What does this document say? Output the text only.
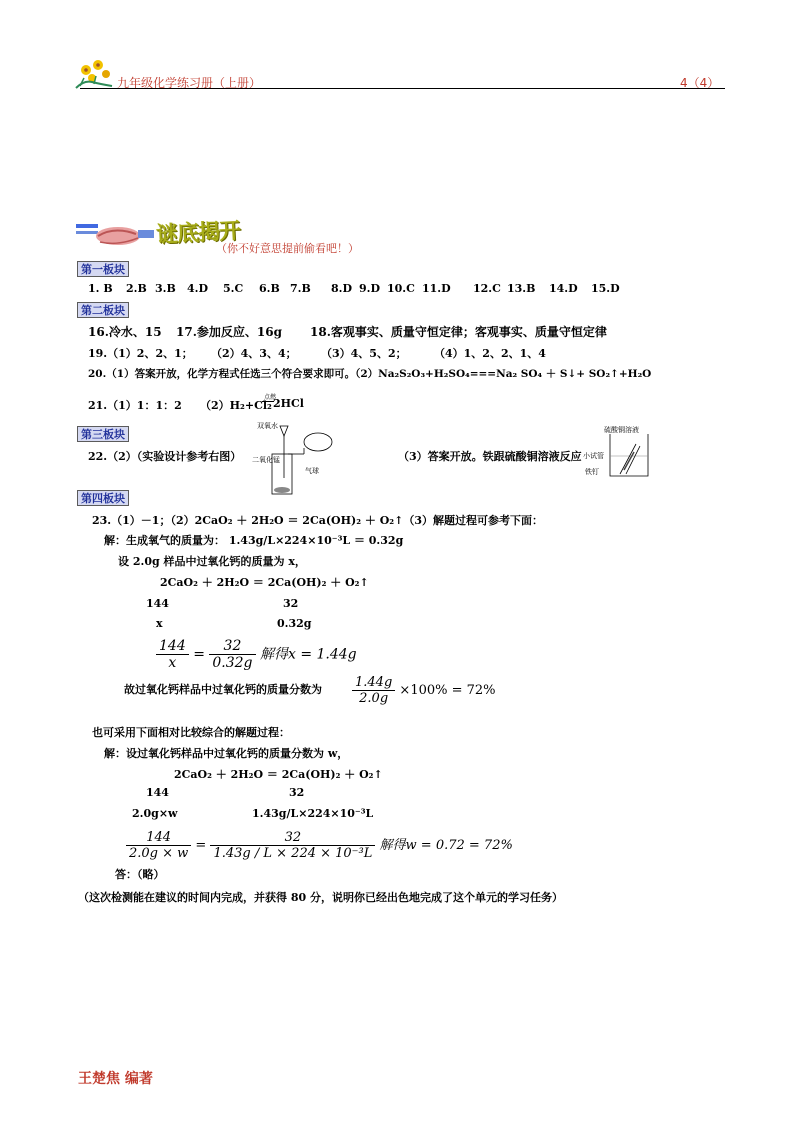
九年级化学练习册（上册）	4（4）
谜底揭开
（你不好意思提前偷看吧！）
第一板块
1. B 2.B 3.B 4.D 5.C 6.B 7.B 8.D 9.D 10.C 11.D 12.C 13.B 14.D 15.D
第二板块
16.冷水、15 17.参加反应、16g 18.客观事实、质量守恒定律；客观事实、质量守恒定律
19.（1）2、2、1； （2）4、3、4； （3）4、5、2； （4）1、2、2、1、4
20.（1）答案开放，化学方程式任选三个符合要求即可。（2）Na₂S₂O₃+H₂SO₄===Na₂ SO₄ ＋ S↓+ SO₂↑+H₂O
21.（1）1：1：2 （2）H₂+Cl₂
点燃
2HCl
第三板块
22.（2）（实验设计参考右图）
双氧水
二氧化锰
气球
（3）答案开放。铁跟硫酸铜溶液反应
硫酸铜溶液
小试管
铁钉
第四板块
23.（1）－1；（2）2CaO₂ ＋ 2H₂O ＝ 2Ca(OH)₂ ＋ O₂↑（3）解题过程可参考下面：
解：生成氧气的质量为： 1.43g/L×224×10⁻³L ＝ 0.32g
设 2.0g 样品中过氧化钙的质量为 x，
2CaO₂ ＋ 2H₂O ＝ 2Ca(OH)₂ ＋ O₂↑
144	32
x	0.32g
$\frac{144}{x} = \frac{32}{0.32g}$ 解得x = 1.44g
故过氧化钙样品中过氧化钙的质量分数为 $\frac{1.44g}{2.0g} \times 100\% = 72\%$
也可采用下面相对比较综合的解题过程：
解：设过氧化钙样品中过氧化钙的质量分数为 w，
2CaO₂ ＋ 2H₂O ＝ 2Ca(OH)₂ ＋ O₂↑
144	32
2.0g×w	1.43g/L×224×10⁻³L
$\frac{144}{2.0g \times w} = \frac{32}{\text{1.43g / L × 224 × 10⁻³L}}$ 解得w = 0.72 = 72%
答：（略）
（这次检测能在建议的时间内完成，并获得 80 分，说明你已经出色地完成了这个单元的学习任务）
王楚焦 编著
